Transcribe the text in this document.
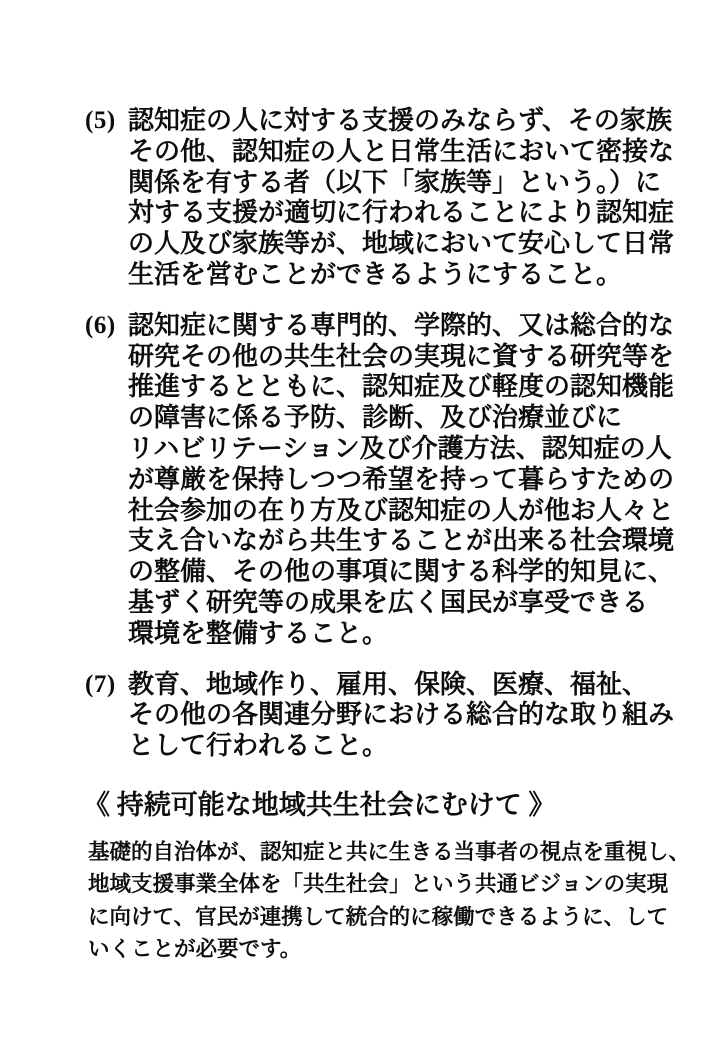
(5) 認知症の人に対する支援のみならず、その家族
その他、認知症の人と日常生活において密接な
関係を有する者（以下「家族等」という。）に
対する支援が適切に行われることにより認知症
の人及び家族等が、地域において安心して日常
生活を営むことができるようにすること。
(6) 認知症に関する専門的、学際的、又は総合的な
研究その他の共生社会の実現に資する研究等を
推進するとともに、認知症及び軽度の認知機能
の障害に係る予防、診断、及び治療並びに
リハビリテーション及び介護方法、認知症の人
が尊厳を保持しつつ希望を持って暮らすための
社会参加の在り方及び認知症の人が他お人々と
支え合いながら共生することが出来る社会環境
の整備、その他の事項に関する科学的知見に、
基ずく研究等の成果を広く国民が享受できる
環境を整備すること。
(7) 教育、地域作り、雇用、保険、医療、福祉、
その他の各関連分野における総合的な取り組み
として行われること。
《 持続可能な地域共生社会にむけて 》
基礎的自治体が、認知症と共に生きる当事者の視点を重視し、
地域支援事業全体を「共生社会」という共通ビジョンの実現
に向けて、官民が連携して統合的に稼働できるように、して
いくことが必要です。
